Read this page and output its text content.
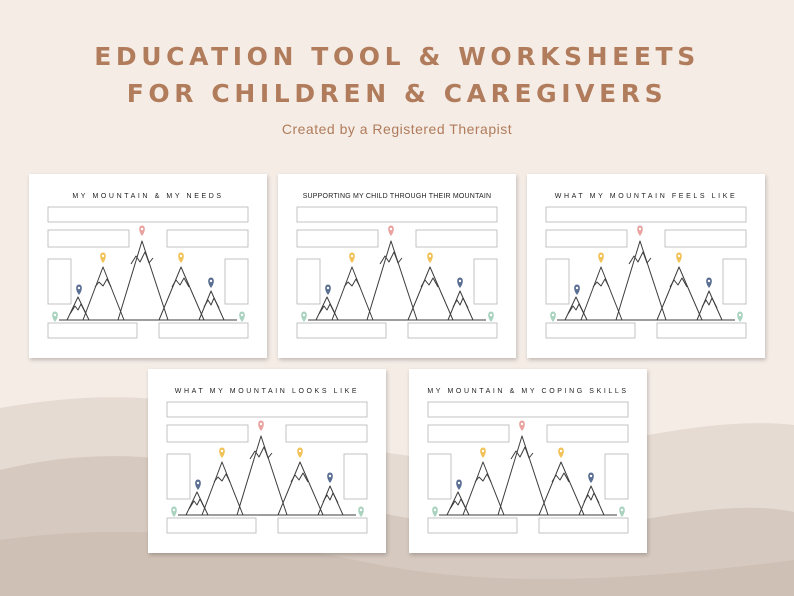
EDUCATION TOOL & WORKSHEETS
FOR CHILDREN & CAREGIVERS

Created by a Registered Therapist

MY MOUNTAIN & MY NEEDS	SUPPORTING MY CHILD THROUGH THEIR MOUNTAIN	WHAT MY MOUNTAIN FEELS LIKE
WHAT MY MOUNTAIN LOOKS LIKE	MY MOUNTAIN & MY COPING SKILLS
